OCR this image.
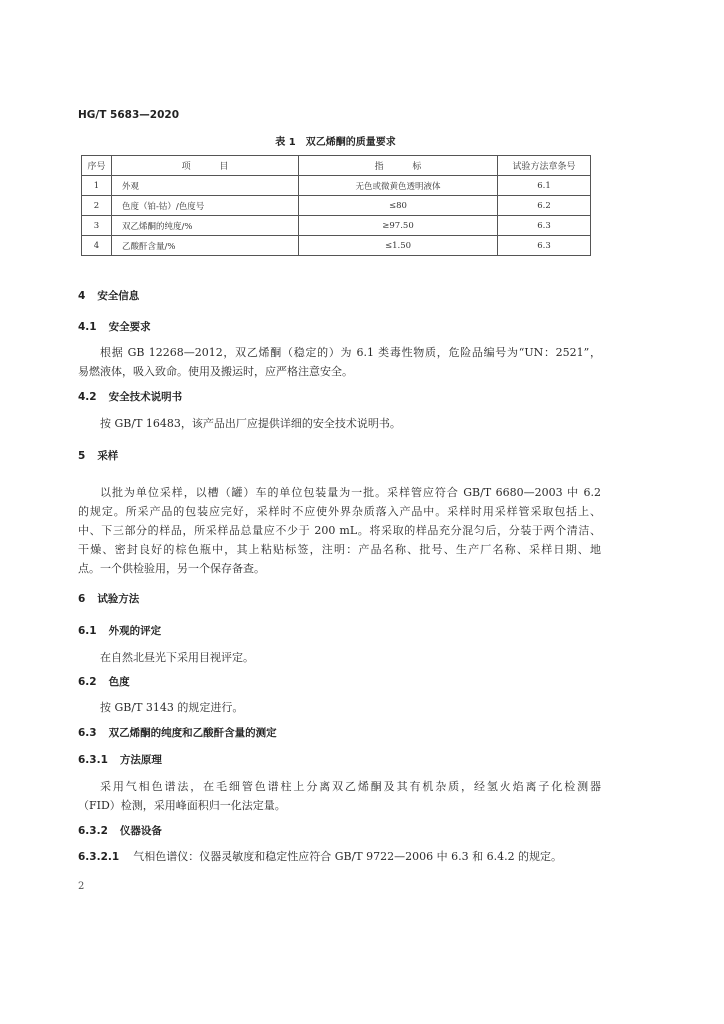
HG/T 5683—2020
表 1 双乙烯酮的质量要求
序号	项 目	指 标	试验方法章条号
1	外观	无色或微黄色透明液体	6.1
2	色度（铂-钴）/色度号	≤80	6.2
3	双乙烯酮的纯度/%	≥97.50	6.3
4	乙酸酐含量/%	≤1.50	6.3
4 安全信息
4.1 安全要求
根据 GB 12268—2012，双乙烯酮（稳定的）为 6.1 类毒性物质，危险品编号为“UN：2521”，
易燃液体，吸入致命。使用及搬运时，应严格注意安全。
4.2 安全技术说明书
按 GB/T 16483，该产品出厂应提供详细的安全技术说明书。
5 采样
以批为单位采样，以槽（罐）车的单位包装量为一批。采样管应符合 GB/T 6680—2003 中 6.2
的规定。所采产品的包装应完好，采样时不应使外界杂质落入产品中。采样时用采样管采取包括上、
中、下三部分的样品，所采样品总量应不少于 200 mL。将采取的样品充分混匀后，分装于两个清洁、
干燥、密封良好的棕色瓶中，其上粘贴标签，注明：产品名称、批号、生产厂名称、采样日期、地
点。一个供检验用，另一个保存备查。
6 试验方法
6.1 外观的评定
在自然北昼光下采用目视评定。
6.2 色度
按 GB/T 3143 的规定进行。
6.3 双乙烯酮的纯度和乙酸酐含量的测定
6.3.1 方法原理
采用气相色谱法，在毛细管色谱柱上分离双乙烯酮及其有机杂质，经氢火焰离子化检测器
（FID）检测，采用峰面积归一化法定量。
6.3.2 仪器设备
6.3.2.1 气相色谱仪：仪器灵敏度和稳定性应符合 GB/T 9722—2006 中 6.3 和 6.4.2 的规定。
2
